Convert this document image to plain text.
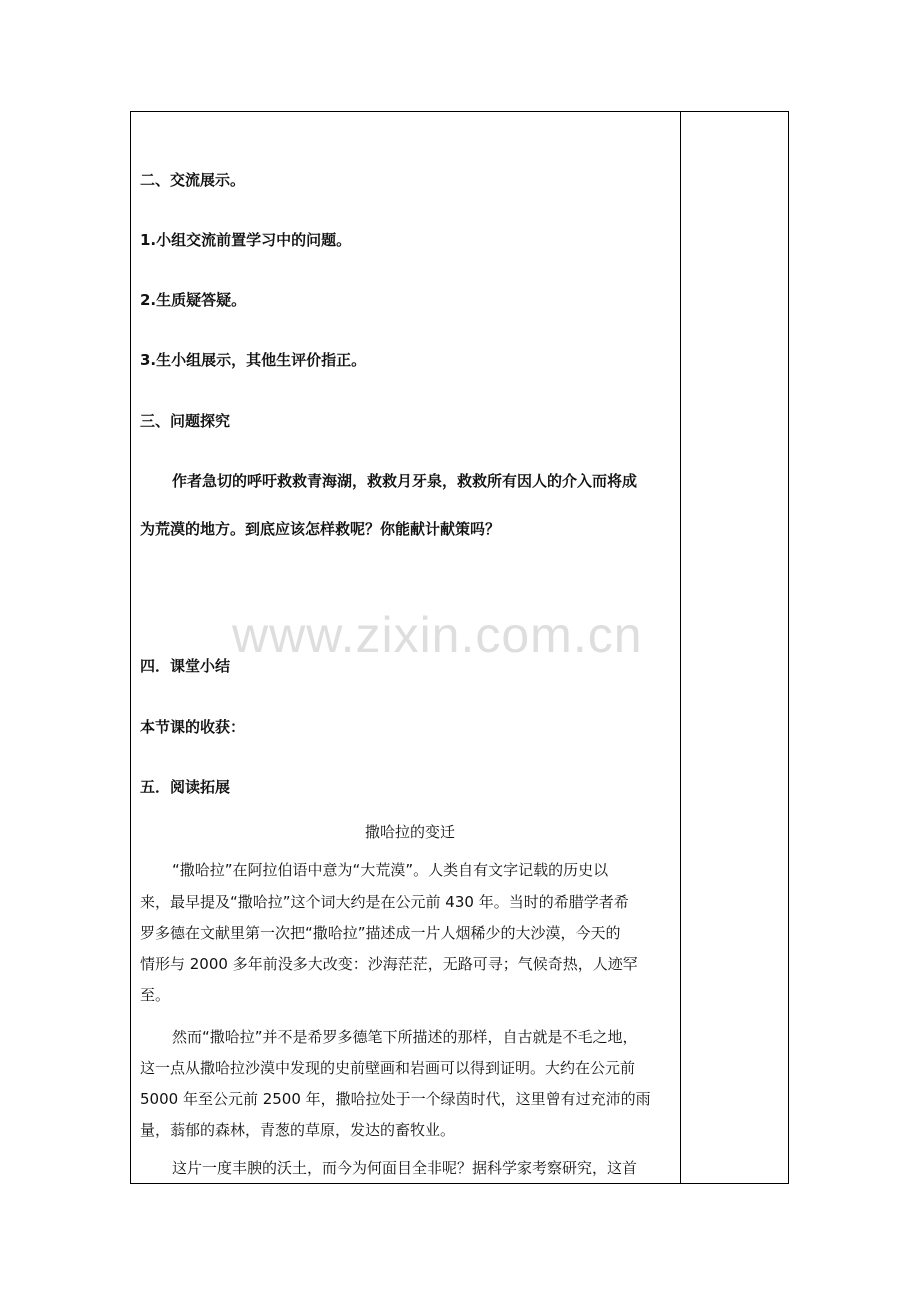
二、交流展示。
1.小组交流前置学习中的问题。
2.生质疑答疑。
3.生小组展示，其他生评价指正。
三、问题探究
作者急切的呼吁救救青海湖，救救月牙泉，救救所有因人的介入而将成
为荒漠的地方。到底应该怎样救呢？你能献计献策吗？
www.zixin.com.cn
四．课堂小结
本节课的收获：
五．阅读拓展
撒哈拉的变迁
“撒哈拉”在阿拉伯语中意为“大荒漠”。人类自有文字记载的历史以
来，最早提及“撒哈拉”这个词大约是在公元前 430 年。当时的希腊学者希
罗多德在文献里第一次把“撒哈拉”描述成一片人烟稀少的大沙漠，今天的
情形与 2000 多年前没多大改变：沙海茫茫，无路可寻；气候奇热，人迹罕
至。
然而“撒哈拉”并不是希罗多德笔下所描述的那样，自古就是不毛之地，
这一点从撒哈拉沙漠中发现的史前壁画和岩画可以得到证明。大约在公元前
5000 年至公元前 2500 年，撒哈拉处于一个绿茵时代，这里曾有过充沛的雨
量，蓊郁的森林，青葱的草原，发达的畜牧业。
这片一度丰腴的沃土，而今为何面目全非呢？据科学家考察研究，这首
